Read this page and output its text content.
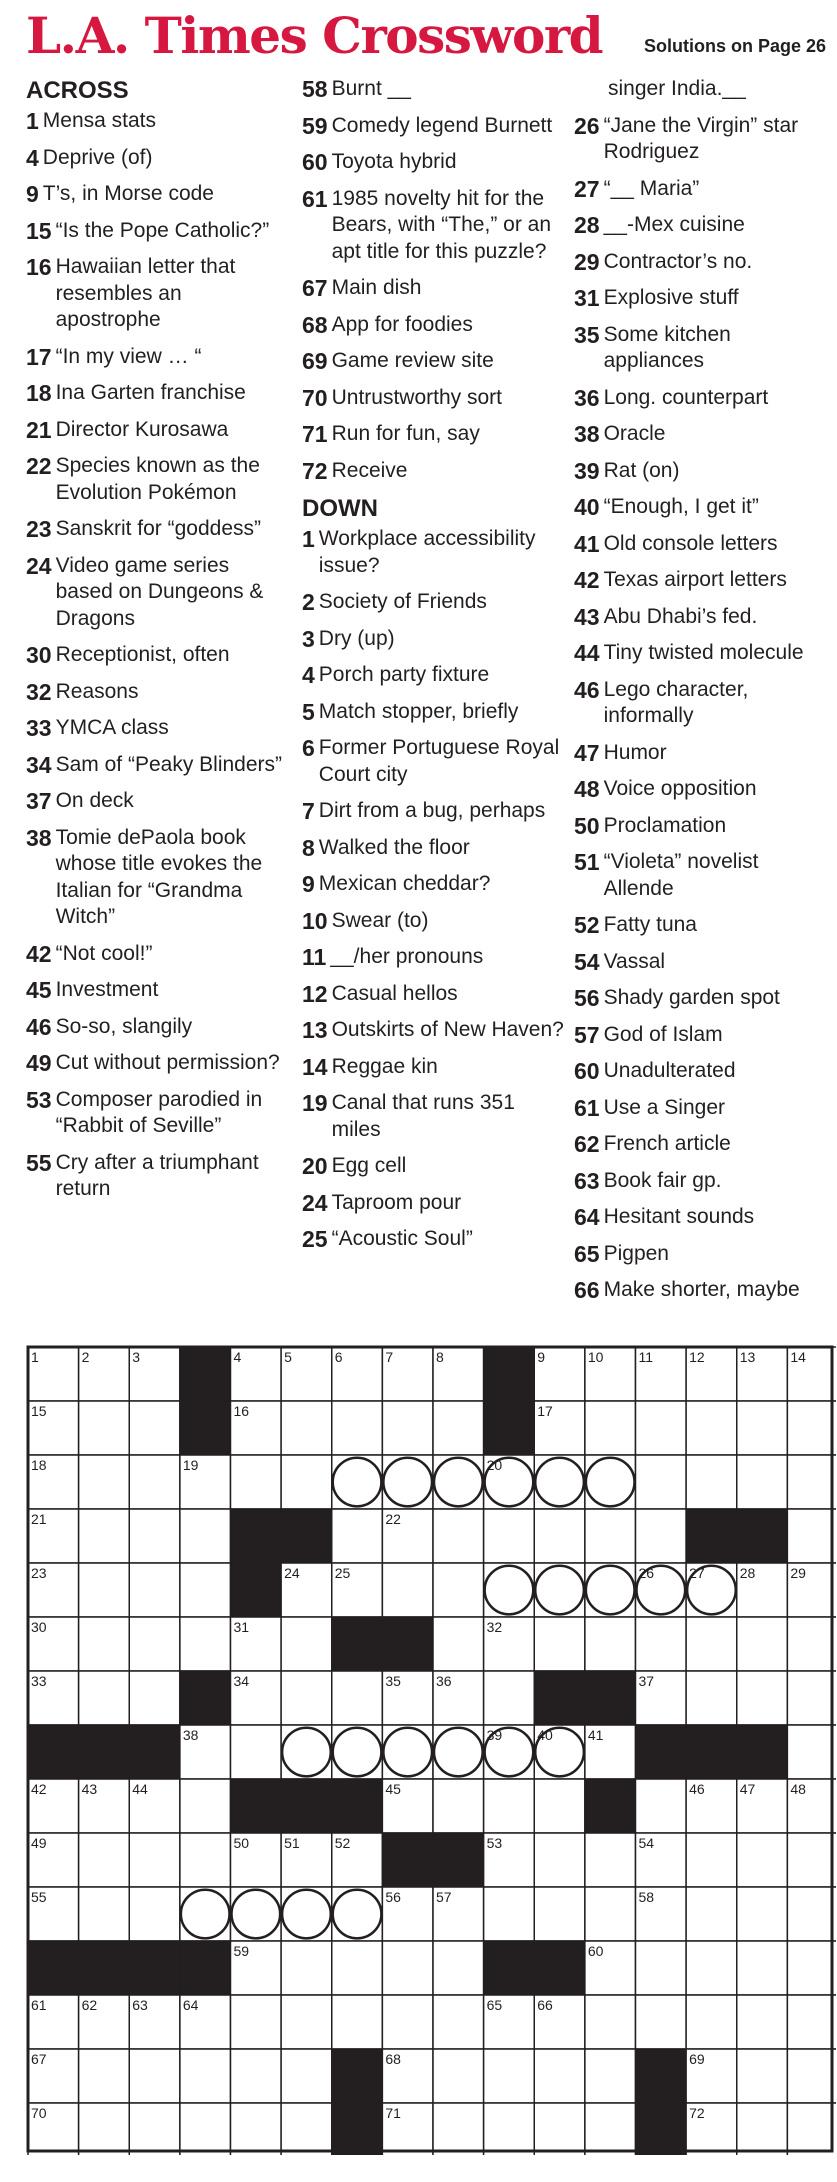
L.A. Times Crossword Solutions on Page 26
ACROSS
1 Mensa stats
4 Deprive (of)
9 T’s, in Morse code
15 “Is the Pope Catholic?”
16 Hawaiian letter that resembles an apostrophe
17 “In my view … “
18 Ina Garten franchise
21 Director Kurosawa
22 Species known as the Evolution Pokémon
23 Sanskrit for “goddess”
24 Video game series based on Dungeons & Dragons
30 Receptionist, often
32 Reasons
33 YMCA class
34 Sam of “Peaky Blinders”
37 On deck
38 Tomie dePaola book whose title evokes the Italian for “Grandma Witch”
42 “Not cool!”
45 Investment
46 So-so, slangily
49 Cut without permission?
53 Composer parodied in “Rabbit of Seville”
55 Cry after a triumphant return
58 Burnt __
59 Comedy legend Burnett
60 Toyota hybrid
61 1985 novelty hit for the Bears, with “The,” or an apt title for this puzzle?
67 Main dish
68 App for foodies
69 Game review site
70 Untrustworthy sort
71 Run for fun, say
72 Receive
DOWN
1 Workplace accessibility issue?
2 Society of Friends
3 Dry (up)
4 Porch party fixture
5 Match stopper, briefly
6 Former Portuguese Royal Court city
7 Dirt from a bug, perhaps
8 Walked the floor
9 Mexican cheddar?
10 Swear (to)
11 __/her pronouns
12 Casual hellos
13 Outskirts of New Haven?
14 Reggae kin
19 Canal that runs 351 miles
20 Egg cell
24 Taproom pour
25 “Acoustic Soul”
singer India.__
26 “Jane the Virgin” star Rodriguez
27 “__ Maria”
28 __-Mex cuisine
29 Contractor’s no.
31 Explosive stuff
35 Some kitchen appliances
36 Long. counterpart
38 Oracle
39 Rat (on)
40 “Enough, I get it”
41 Old console letters
42 Texas airport letters
43 Abu Dhabi’s fed.
44 Tiny twisted molecule
46 Lego character, informally
47 Humor
48 Voice opposition
50 Proclamation
51 “Violeta” novelist Allende
52 Fatty tuna
54 Vassal
56 Shady garden spot
57 God of Islam
60 Unadulterated
61 Use a Singer
62 French article
63 Book fair gp.
64 Hesitant sounds
65 Pigpen
66 Make shorter, maybe
1	2	3	4	5	6	7	8	9	10	11	12	13	14
15	16	17
18	19	20
21	22
23	24	25	26	27	28	29
30	31	32
33	34	35	36	37
38	39	40	41
42	43	44	45	46	47	48
49	50	51	52	53	54
55	56	57	58
59	60
61	62	63	64	65	66
67	68	69
70	71	72
